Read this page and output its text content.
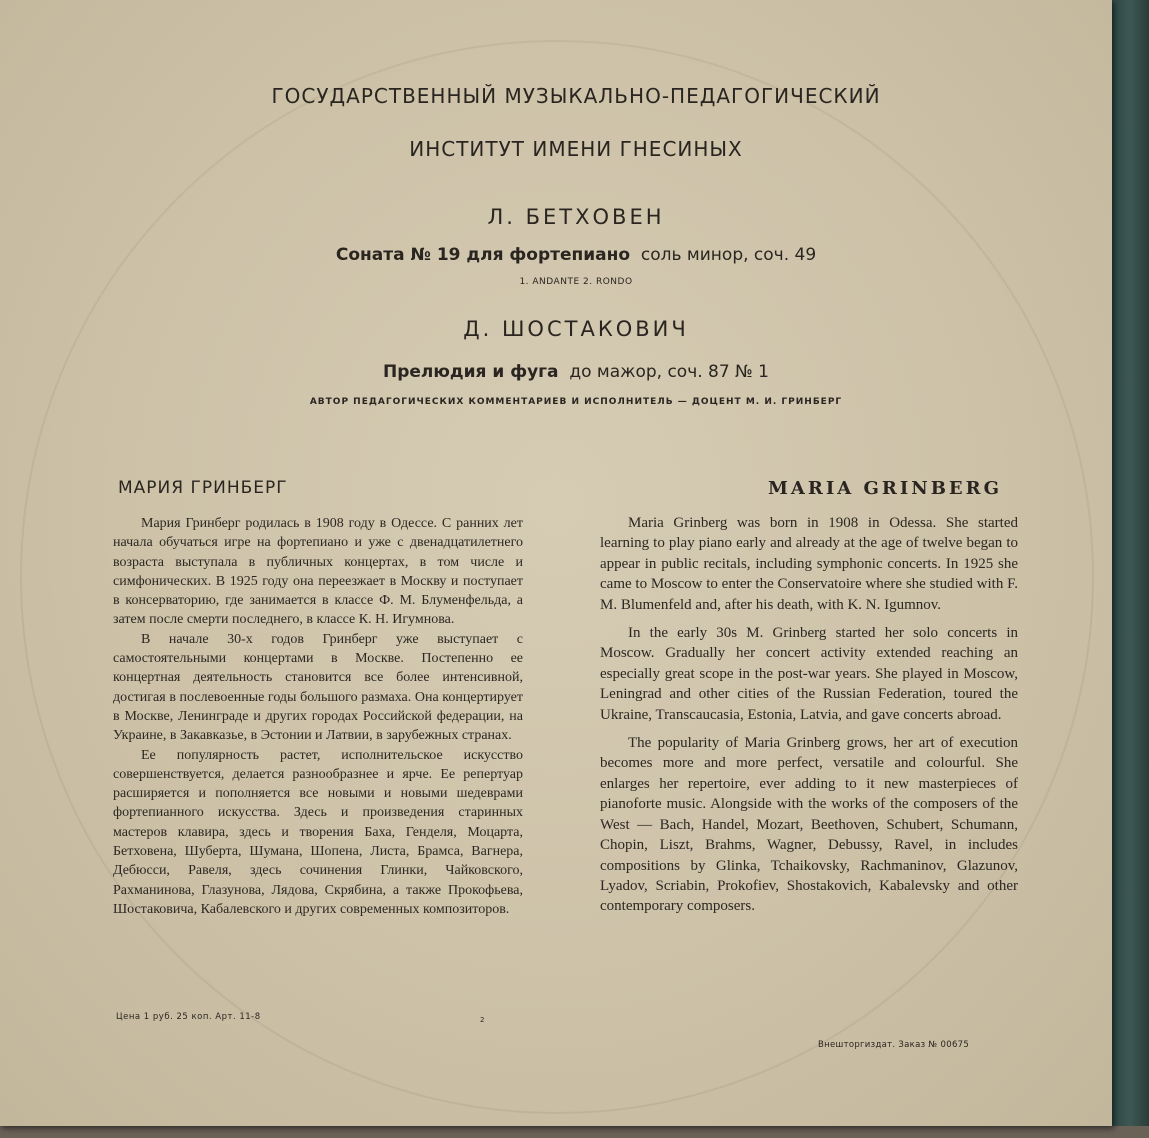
ГОСУДАРСТВЕННЫЙ МУЗЫКАЛЬНО-ПЕДАГОГИЧЕСКИЙ
ИНСТИТУТ ИМЕНИ ГНЕСИНЫХ
Л. БЕТХОВЕН
Соната № 19 для фортепиано соль минор, соч. 49
1. ANDANTE 2. RONDO
Д. ШОСТАКОВИЧ
Прелюдия и фуга до мажор, соч. 87 № 1
АВТОР ПЕДАГОГИЧЕСКИХ КОММЕНТАРИЕВ И ИСПОЛНИТЕЛЬ — ДОЦЕНТ М. И. ГРИНБЕРГ
МАРИЯ ГРИНБЕРГ	MARIA GRINBERG

Мария Гринберг родилась в 1908 году в Одессе. С ранних лет начала обучаться игре на фортепиано и уже с двенадцатилетнего возраста выступала в публичных концертах, в том числе и симфонических. В 1925 году она переезжает в Москву и поступает в консерваторию, где занимается в классе Ф. М. Блуменфельда, а затем после смерти последнего, в классе К. Н. Игумнова.

В начале 30-х годов Гринберг уже выступает с самостоятельными концертами в Москве. Постепенно ее концертная деятельность становится все более интенсивной, достигая в послевоенные годы большого размаха. Она концертирует в Москве, Ленинграде и других городах Российской федерации, на Украине, в Закавказье, в Эстонии и Латвии, в зарубежных странах.

Ее популярность растет, исполнительское искусство совершенствуется, делается разнообразнее и ярче. Ее репертуар расширяется и пополняется все новыми и новыми шедеврами фортепианного искусства. Здесь и произведения старинных мастеров клавира, здесь и творения Баха, Генделя, Моцарта, Бетховена, Шуберта, Шумана, Шопена, Листа, Брамса, Вагнера, Дебюсси, Равеля, здесь сочинения Глинки, Чайковского, Рахманинова, Глазунова, Лядова, Скрябина, а также Прокофьева, Шостаковича, Кабалевского и других современных композиторов.

Maria Grinberg was born in 1908 in Odessa. She started learning to play piano early and already at the age of twelve began to appear in public recitals, including symphonic concerts. In 1925 she came to Moscow to enter the Conservatoire where she studied with F. M. Blumenfeld and, after his death, with K. N. Igumnov.

In the early 30s M. Grinberg started her solo concerts in Moscow. Gradually her concert activity extended reaching an especially great scope in the post-war years. She played in Moscow, Leningrad and other cities of the Russian Federation, toured the Ukraine, Transcaucasia, Estonia, Latvia, and gave concerts abroad.

The popularity of Maria Grinberg grows, her art of execution becomes more and more perfect, versatile and colourful. She enlarges her repertoire, ever adding to it new masterpieces of pianoforte music. Alongside with the works of the composers of the West — Bach, Handel, Mozart, Beethoven, Schubert, Schumann, Chopin, Liszt, Brahms, Wagner, Debussy, Ravel, in includes compositions by Glinka, Tchaikovsky, Rachmaninov, Glazunov, Lyadov, Scriabin, Prokofiev, Shostakovich, Kabalevsky and other contemporary composers.

Цена 1 руб. 25 коп. Арт. 11-8	2
Внешторгиздат. Заказ № 00675
